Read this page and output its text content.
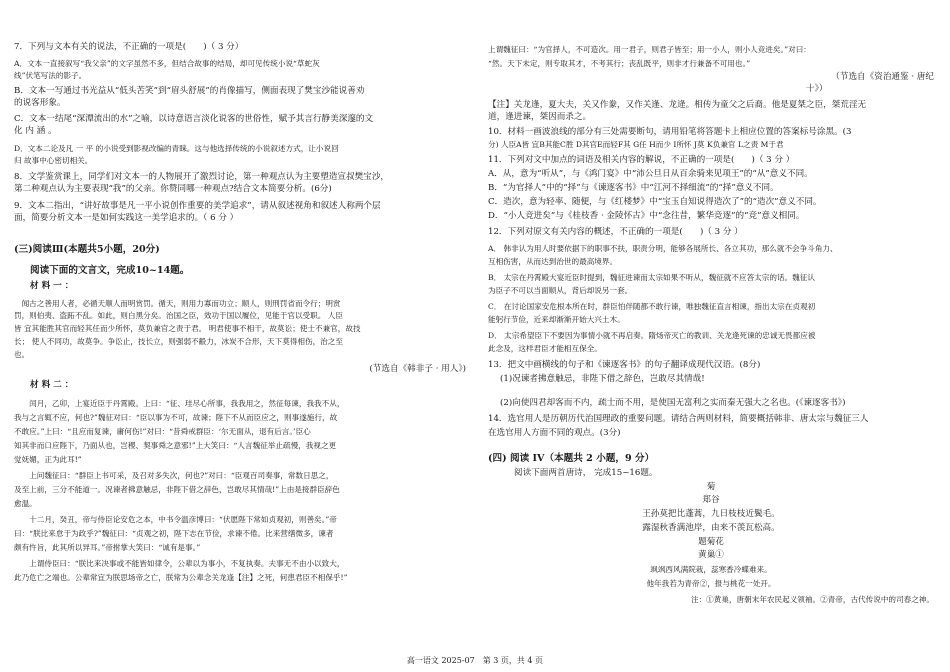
7．下列与文本有关的说法，不正确的一项是(　　)（ 3 分）
A．文本一直接叙写“我父亲”的文字虽然不多，但结合故事的结局，却可见传统小说“草蛇灰
线”伏笔写法的影子。
B．文本一写通过书光益从“低头苦笑”到“眉头舒展”的肖像描写，侧面表现了樊宝沙能说善劝
的说客形象。
C．文本一结尾“深潭流出的水”之喻，以诗意语言淡化说客的世俗性，赋予其言行静美深邃的文
化 内 涵 。
D．文本二论及凡 一 平 的小说受到影视改编的青睐。这与他选择传统的小说叙述方式，让小说回
归 故事中心密切相关。
8．文学鉴赏课上，同学们对文本一的人物展开了激烈讨论，第一种观点认为主要塑造宣叔樊宝沙，
第二种观点认为主要表现“我”的父亲。你赞同哪一种观点?结合文本简要分析。(6分)
9．文本二指出，“讲好故事是凡一平小说创作重要的美学追求”，请从叙述视角和叙述人称两个层
面，简要分析文本一是如何实践这一美学追求的。（ 6 分 ）
(三)阅读Ⅲ(本题共5小题，20分)
阅读下面的文言文，完成10~14题。
材 料 一 ：
　闻古之善用人者，必循天顺人而明赏罚。循天，则用力寡而功立；顺人，则刑罚省而令行；明赏
罚，则伯夷、盗跖不乱。如此，则白黑分矣。治国之臣，效功于国以履位，见能于官以受职。 人臣
皆 宜其能胜其官而轻其任而少所怀，莫负兼官之责于君。 明君使事不相干，故莫讼；使士不兼官，故技
长； 使人不同功，故莫争。争讼止，技长立，则强弱不觳力，冰炭不合形，天下莫得相伤，治之至
也。
(节选自《韩非子 · 用人》)
材 料 二 ：
　　闰月，乙卯，上宴近臣于丹霄殿。上曰：“征、珪尽心所事，我我用之，然征每谏，我我不从，
我与之言辄不应，何也?”魏征对曰：“臣以事为不可，故谏；陛下不从而臣应之，则事遂施行，故
不敢应。”上曰：“且应而复谏，庸何伤!”对曰：“昔舜戒群臣：‘尔无面从，退有后言。’臣心
知其非而口应陛下，乃面从也，岂稷、契事舜之意邪!”上大笑曰：“人言魏征举止疏慢，我视之更
觉妩媚，正为此耳!”
　　上问魏征曰：“群臣上书可采，及召对多失次，何也?”对曰：“臣观百司奏事，常数日思之，
及至上前，三分不能道一。况谏者拂意触忌，非陛下借之辞色，岂敢尽其情哉!”上由是接群臣辞色
愈温。
　　十二月，癸丑，帝与侍臣论安危之本，中书令温彦博曰：“伏愿陛下常如贞观初，则善矣。”帝
曰：“朕比来怠于为政乎?”魏征曰：“贞观之初，陛下志在节俭，求谏不倦。比来营缮微多，谏者
颇有忤旨，此其所以异耳。”帝拊掌大笑曰：“诚有是事。”
　　上谓侍臣曰：“朕比来决事或不能皆如律令，公辈以为事小，不复执奏。夫事无不由小以致大，
此乃危亡之端也。公辈常宜为朕思场帝之亡，朕常为公辈念关龙逢【注】之死，何患君臣不相保乎!”
上谓魏征曰：“为官择人，不可造次。用一君子，则君子皆至；用一小人，则小人竞进矣。”对曰：
“然。天下未定，则专取其才，不考其行；丧乱既平，则非才行兼备不可用也。”
（节选自《资治通鉴 · 唐纪
十》）
【注】关龙逢，夏大夫，关又作豢，又作关逢、龙逄。相传为童父之后裔。他是夏桀之臣，桀荒淫无
道，逢进谏，桀因而杀之。
10．材料一画波浪线的部分有三处需要断句，请用铅笔将答题卡上相应位置的答案标号涂黑。(3
分) 人臣A皆 宜B其能C胜 D其官E而轻F其 G任 H而少 I所怀 J莫 K负兼官 L之责 M于君
11．下列对文中加点的词语及相关内容的解说，不正确的一项是(　　)（ 3 分 ）
A．从，意为“听从”，与《鸿门宴》中“沛公旦日从百余骑来见项王”的“从”意义不同。
B．“为官择人”中的“择”与《谏逐客书》中“江河不择细流”的“择”意义不同。
C．造次，意为轻率、随便，与《红楼梦》中“宝玉自知说得造次了”的“造次”意义不同。
D．“小人竞进矣”与《桂枝香 · 金陵怀古》中“念往昔，繁华竞逐”的“竞”意义相同。
12．下列对原文有关内容的概述，不正确的一项是(　　)（ 3 分 ）
A． 韩非认为用人时要依据下的职事不扶，职责分明，能够各展所长、各立其功，那么就不会争斗角力、
互相伤害，从而达到治世的最高境界。
B． 太宗在丹霄殿大宴近臣时提到，魏征进谏而太宗如果不听从，魏征就不应答太宗的话。魏征认
为臣子不可以当面顺从，背后却说另一套。
C． 在讨论国家安危根本所在时，群臣怕伴随都不敢行谏，唯独魏征直言相谏，指出太宗在贞观初
能躬行节俭，近来却渐渐开始大兴土木。
D． 太宗希望臣下不要因为事情小就不再启奏。隋炀帝灭亡的教训、关龙逄死谏的忠诚无畏都应被
此念及，这样君臣才能相互保全。
13．把文中画横线的句子和《谏逐客书》的句子翻译成现代汉语。(8分)
(1)况谏者拂意触忌，非陛下借之辞色，岂敢尽其情哉!
(2)向使四君却客而不内，疏士而不用，是使国无富利之实而秦无强大之名也。(《谏逐客书》)
14．选官用人是历朝历代治国理政的重要问题。请结合两则材料，简要概括韩非、唐太宗与魏征三人
在选官用人方面不同的观点。(3分)
(四) 阅读 IV（本题共 2 小题，9 分）
阅读下面两首唐诗， 完成15~16题。
菊
郑谷
王孙莫把比蓬蒿，九日枝枝近鬓毛。
露湿秋香满池岸，由来不羡瓦松高。
题菊花
黄巢①
飒飒西风满院栽，蕊寒香冷蝶难来。
他年我若为青帝②，报与桃花一处开。
注：①黄巢，唐朝末年农民起义领袖。②青帝，古代传说中的司春之神。
高一语文 2025-07　第 3 页，共 4 页
